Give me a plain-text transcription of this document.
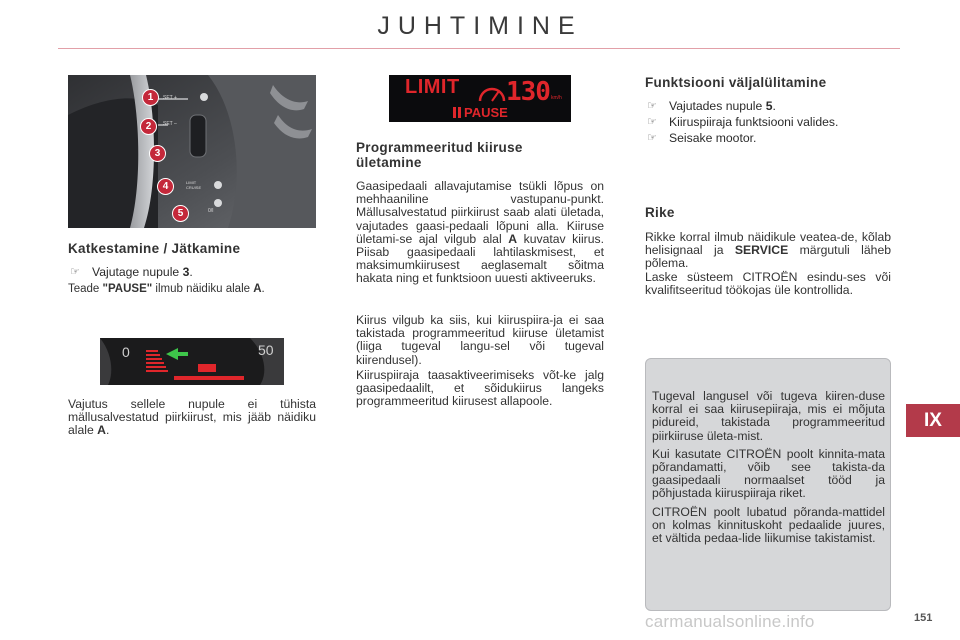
JUHTIMINE
SET +
SET –
LIMIT
CRUISE
0/I
1
2
3
4
5
LIMIT 130 km/h
PAUSE
Katkestamine / Jätkamine
☞ Vajutage nupule 3.
Teade "PAUSE" ilmub näidiku alale A.
0	50
Vajutus sellele nupule ei tühista mällusalvestatud piirkiirust, mis jääb näidiku alale A.
Programmeeritud kiiruse ületamine
Gaasipedaali allavajutamise tsükli lõpus on mehhaaniline vastupanu-punkt. Mällusalvestatud piirkiirust saab alati ületada, vajutades gaasi-pedaali lõpuni alla. Kiiruse ületami-se ajal vilgub alal A kuvatav kiirus. Piisab gaasipedaali lahtilaskmisest, et maksimumkiirusest aeglasemalt sõitma hakata ning et funktsioon uuesti aktiveeruks.
Kiirus vilgub ka siis, kui kiiruspiira-ja ei saa takistada programmeeritud kiiruse ületamist (liiga tugeval langu-sel või tugeval kiirendusel).
Kiiruspiiraja taasaktiveerimiseks võt-ke jalg gaasipedaalilt, et sõidukiirus langeks programmeeritud kiirusest allapoole.
Funktsiooni väljalülitamine
☞ Vajutades nupule 5.
☞ Kiiruspiiraja funktsiooni valides.
☞ Seisake mootor.
Rike
Rikke korral ilmub näidikule veatea-de, kõlab helisignaal ja SERVICE märgutuli läheb põlema.
Laske süsteem CITROËN esindu-ses või kvalifitseeritud töökojas üle kontrollida.
Tugeval langusel või tugeva kiiren-duse korral ei saa kiirusepiiraja, mis ei mõjuta pidureid, takistada programmeeritud piirkiiruse ületa-mist.
Kui kasutate CITROËN poolt kinnita-mata põrandamatti, võib see takista-da gaasipedaali normaalset tööd ja põhjustada kiiruspiiraja riket.
CITROËN poolt lubatud põranda-mattidel on kolmas kinnituskoht pedaalide juures, et vältida pedaa-lide liikumise takistamist.
IX
carmanualsonline.info	151
